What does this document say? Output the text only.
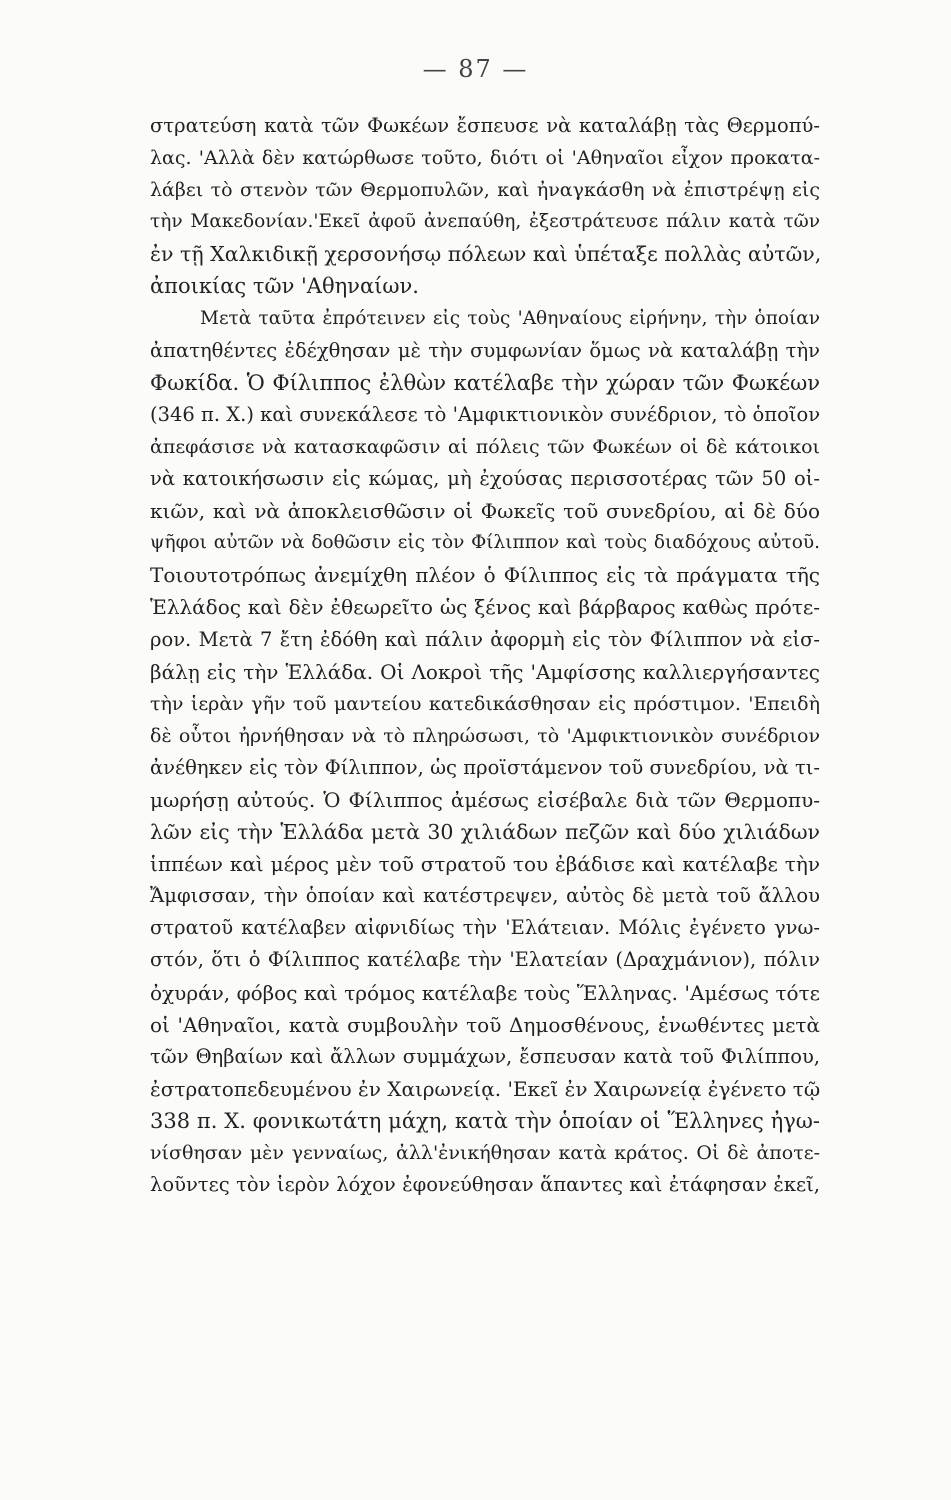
— 87 —
στρατεύση κατὰ τῶν Φωκέων ἔσπευσε νὰ καταλάβῃ τὰς Θερμοπύ-
λας. 'Αλλὰ δὲν κατώρθωσε τοῦτο, διότι οἱ 'Αθηναῖοι εἶχον προκατα-
λάβει τὸ στενὸν τῶν Θερμοπυλῶν, καὶ ἠναγκάσθη νὰ ἐπιστρέψῃ εἰς
τὴν Μακεδονίαν.'Εκεῖ ἀφοῦ ἀνεπαύθη, ἐξεστράτευσε πάλιν κατὰ τῶν
ἐν τῇ Χαλκιδικῇ χερσονήσῳ πόλεων καὶ ὑπέταξε πολλὰς αὐτῶν,
ἀποικίας τῶν 'Αθηναίων.
Μετὰ ταῦτα ἐπρότεινεν εἰς τοὺς 'Αθηναίους εἰρήνην, τὴν ὁποίαν
ἀπατηθέντες ἐδέχθησαν μὲ τὴν συμφωνίαν ὅμως νὰ καταλάβῃ τὴν
Φωκίδα. Ὁ Φίλιππος ἐλθὼν κατέλαβε τὴν χώραν τῶν Φωκέων
(346 π. Χ.) καὶ συνεκάλεσε τὸ 'Αμφικτιονικὸν συνέδριον, τὸ ὁποῖον
ἀπεφάσισε νὰ κατασκαφῶσιν αἱ πόλεις τῶν Φωκέων οἱ δὲ κάτοικοι
νὰ κατοικήσωσιν εἰς κώμας, μὴ ἐχούσας περισσοτέρας τῶν 50 οἰ-
κιῶν, καὶ νὰ ἀποκλεισθῶσιν οἱ Φωκεῖς τοῦ συνεδρίου, αἱ δὲ δύο
ψῆφοι αὐτῶν νὰ δοθῶσιν εἰς τὸν Φίλιππον καὶ τοὺς διαδόχους αὐτοῦ.
Τοιουτοτρόπως ἀνεμίχθη πλέον ὁ Φίλιππος εἰς τὰ πράγματα τῆς
Ἑλλάδος καὶ δὲν ἐθεωρεῖτο ὡς ξένος καὶ βάρβαρος καθὼς πρότε-
ρον. Μετὰ 7 ἔτη ἐδόθη καὶ πάλιν ἀφορμὴ εἰς τὸν Φίλιππον νὰ εἰσ-
βάλῃ εἰς τὴν Ἑλλάδα. Οἱ Λοκροὶ τῆς 'Αμφίσσης καλλιεργήσαντες
τὴν ἱερὰν γῆν τοῦ μαντείου κατεδικάσθησαν εἰς πρόστιμον. 'Επειδὴ
δὲ οὗτοι ἠρνήθησαν νὰ τὸ πληρώσωσι, τὸ 'Αμφικτιονικὸν συνέδριον
ἀνέθηκεν εἰς τὸν Φίλιππον, ὡς προϊστάμενον τοῦ συνεδρίου, νὰ τι-
μωρήσῃ αὐτούς. Ὁ Φίλιππος ἀμέσως εἰσέβαλε διὰ τῶν Θερμοπυ-
λῶν εἰς τὴν Ἑλλάδα μετὰ 30 χιλιάδων πεζῶν καὶ δύο χιλιάδων
ἱππέων καὶ μέρος μὲν τοῦ στρατοῦ του ἐβάδισε καὶ κατέλαβε τὴν
Ἄμφισσαν, τὴν ὁποίαν καὶ κατέστρεψεν, αὐτὸς δὲ μετὰ τοῦ ἄλλου
στρατοῦ κατέλαβεν αἰφνιδίως τὴν 'Ελάτειαν. Μόλις ἐγένετο γνω-
στόν, ὅτι ὁ Φίλιππος κατέλαβε τὴν 'Ελατείαν (Δραχμάνιον), πόλιν
ὀχυράν, φόβος καὶ τρόμος κατέλαβε τοὺς Ἕλληνας. 'Αμέσως τότε
οἱ 'Αθηναῖοι, κατὰ συμβουλὴν τοῦ Δημοσθένους, ἑνωθέντες μετὰ
τῶν Θηβαίων καὶ ἄλλων συμμάχων, ἔσπευσαν κατὰ τοῦ Φιλίππου,
ἐστρατοπεδευμένου ἐν Χαιρωνείᾳ. 'Εκεῖ ἐν Χαιρωνείᾳ ἐγένετο τῷ
338 π. Χ. φονικωτάτη μάχη, κατὰ τὴν ὁποίαν οἱ Ἕλληνες ἠγω-
νίσθησαν μὲν γενναίως, ἀλλ'ἐνικήθησαν κατὰ κράτος. Οἱ δὲ ἀποτε-
λοῦντες τὸν ἱερὸν λόχον ἐφονεύθησαν ἅπαντες καὶ ἐτάφησαν ἐκεῖ,
